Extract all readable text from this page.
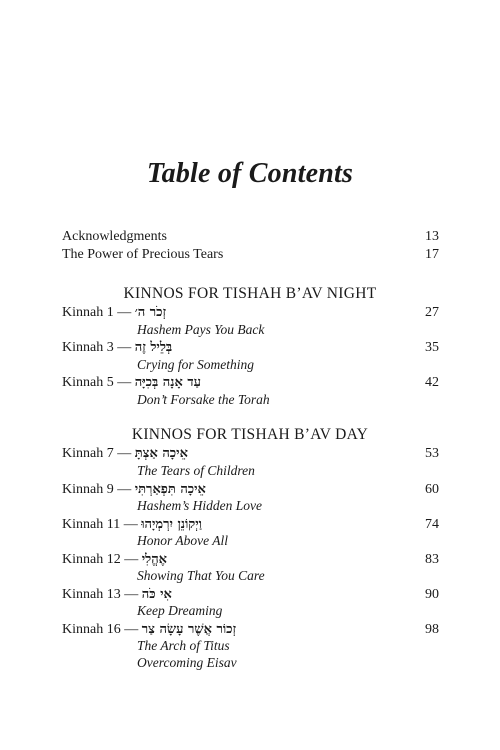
Table of Contents
Acknowledgments	13
The Power of Precious Tears	17
KINNOS FOR TISHAH B’AV NIGHT
Kinnah 1 — זְכֹר ה׳	27
Hashem Pays You Back
Kinnah 3 — בְּלֵיל זֶה	35
Crying for Something
Kinnah 5 — עַד אָנָה בְּכִיָּה	42
Don’t Forsake the Torah
KINNOS FOR TISHAH B’AV DAY
Kinnah 7 — אֵיכָה אַצְתָּ	53
The Tears of Children
Kinnah 9 — אֵיכָה תִּפְאַרְתִּי	60
Hashem’s Hidden Love
Kinnah 11 — וַיְקוֹנֵן יִרְמְיָהוּ	74
Honor Above All
Kinnah 12 — אֶהֱלִי	83
Showing That You Care
Kinnah 13 — אִי כֹּה	90
Keep Dreaming
Kinnah 16 — זְכוֹר אֲשֶׁר עָשָׂה צַר	98
The Arch of Titus
Overcoming Eisav
